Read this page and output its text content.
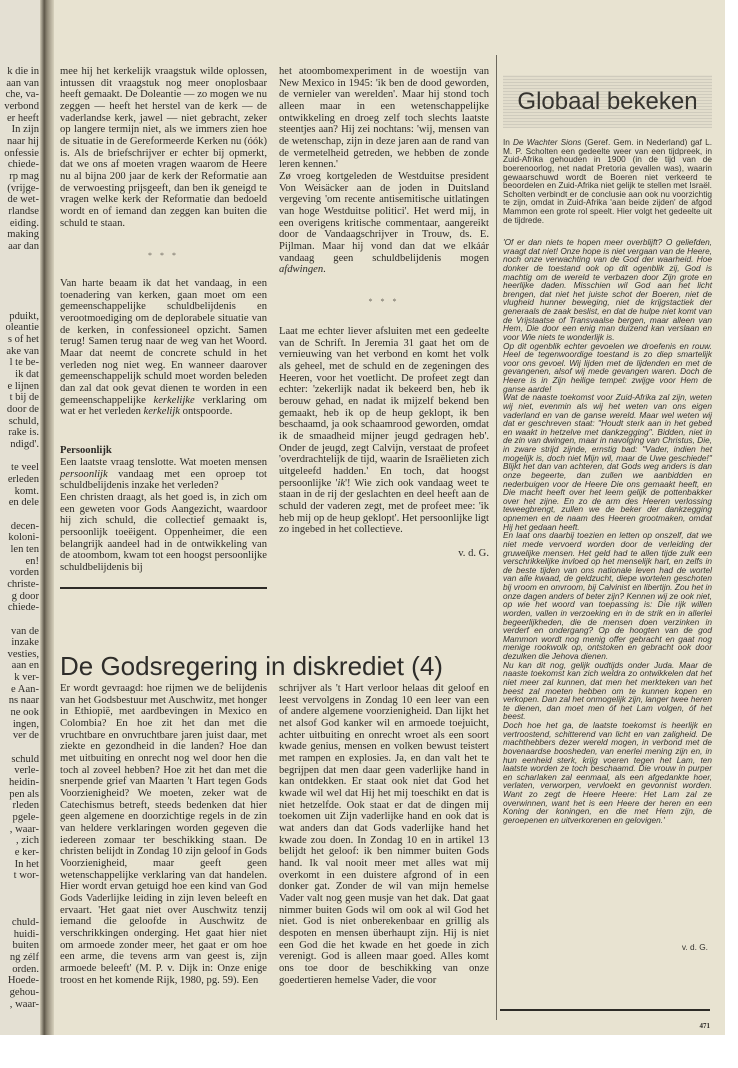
k die in
aan van
che, va-
verbond
er heeft
In zijn
naar hij
onfessie
chiede-
rp mag
(vrijge-
de wet-
rlandse
eiding.
making
aar dan
pduikt,
oleantie
s of het
ake van
l te be-
ik dat
e lijnen
t bij de
door de
schuld,
rake is.
ndigd'.
te veel
erleden
komt.
en dele
decen-
koloni-
len ten
en!
vorden
christe-
g door
chiede-
van de
inzake
vesties,
aan en
k ver-
e Aan-
ns naar
ne ook
ingen,
ver de
schuld
verle-
heidin-
pen als
rleden
pgele-
, waar-
, zich
e ker-
In het
t wor-
chuld-
huidi-
buiten
ng zélf
orden.
Hoede-
gehou-
, waar-

mee hij het kerkelijk vraagstuk wilde oplossen, intussen dit vraagstuk nog meer onoplosbaar heeft gemaakt. De Doleantie — zo mogen we nu zeggen — heeft het herstel van de kerk — de vaderlandse kerk, jawel — niet gebracht, zeker op langere termijn niet, als we immers zien hoe de situatie in de Gereformeerde Kerken nu (óók) is. Als de briefschrijver er echter bij opmerkt, dat we ons af moeten vragen waarom de Heere nu al bijna 200 jaar de kerk der Reformatie aan de verwoesting prijsgeeft, dan ben ik geneigd te vragen welke kerk der Reformatie dan bedoeld wordt en of iemand dan zeggen kan buiten die schuld te staan.

* * *

Van harte beaam ik dat het vandaag, in een toenadering van kerken, gaan moet om een gemeenschappelijke schuldbelijdenis en verootmoediging om de deplorabele situatie van de kerken, in confessioneel opzicht. Samen terug! Samen terug naar de weg van het Woord. Maar dat neemt de concrete schuld in het verleden nog niet weg. En wanneer daarover gemeenschappelijk schuld moet worden beleden dan zal dat ook gevat dienen te worden in een gemeenschappelijke kerkelijke verklaring om wat er het verleden kerkelijk ontspoorde.

Persoonlijk

Een laatste vraag tenslotte. Wat moeten mensen persoonlijk vandaag met een oproep tot schuldbelijdenis inzake het verleden?

Een christen draagt, als het goed is, in zich om een geweten voor Gods Aangezicht, waardoor hij zich schuld, die collectief gemaakt is, persoonlijk toeëigent. Oppenheimer, die een belangrijk aandeel had in de ontwikkeling van de atoombom, kwam tot een hoogst persoonlijke schuldbelijdenis bij

het atoombomexperiment in de woestijn van New Mexico in 1945: 'ik ben de dood geworden, de vernieler van werelden'. Maar hij stond toch alleen maar in een wetenschappelijke ontwikkeling en droeg zelf toch slechts laatste steentjes aan? Hij zei nochtans: 'wij, mensen van de wetenschap, zijn in deze jaren aan de rand van de vermetelheid getreden, we hebben de zonde leren kennen.'

Zø vroeg kortgeleden de Westduitse president Von Weisäcker aan de joden in Duitsland vergeving 'om recente antisemitische uitlatingen van hoge Westduitse politici'. Het werd mij, in een overigens kritische commentaar, aangereikt door de Vandaagschrijver in Trouw, ds. E. Pijlman. Maar hij vond dan dat we elkáár vandaag geen schuldbelijdenis mogen afdwingen.

* * *

Laat me echter liever afsluiten met een gedeelte van de Schrift. In Jeremia 31 gaat het om de vernieuwing van het verbond en komt het volk als geheel, met de schuld en de zegeningen des Heeren, voor het voetlicht. De profeet zegt dan echter: 'zekerlijk nadat ik bekeerd ben, heb ik berouw gehad, en nadat ik mijzelf bekend ben gemaakt, heb ik op de heup geklopt, ik ben beschaamd, ja ook schaamrood geworden, omdat ik de smaadheid mijner jeugd gedragen heb'. Onder de jeugd, zegt Calvijn, verstaat de profeet 'overdrachtelijk de tijd, waarin de Israëlieten zich uitgeleefd hadden.' En toch, dat hoogst persoonlijke 'ik'! Wie zich ook vandaag weet te staan in de rij der geslachten en deel heeft aan de schuld der vaderen zegt, met de profeet mee: 'ik heb mij op de heup geklopt'. Het persoonlijke ligt zo ingebed in het collectieve.

v. d. G.
De Godsregering in diskrediet (4)

Er wordt gevraagd: hoe rijmen we de belijdenis van het Godsbestuur met Auschwitz, met honger in Ethiopië, met aardbevingen in Mexico en Colombia? En hoe zit het dan met die vruchtbare en onvruchtbare jaren juist daar, met ziekte en gezondheid in die landen? Hoe dan met uitbuiting en onrecht nog wel door hen die toch al zoveel hebben? Hoe zit het dan met die snerpende grief van Maarten 't Hart tegen Gods Voorzienigheid? We moeten, zeker wat de Catechismus betreft, steeds bedenken dat hier geen algemene en doorzichtige regels in de zin van heldere verklaringen worden gegeven die iedereen zomaar ter beschikking staan. De christen belijdt in Zondag 10 zijn geloof in Gods Voorzienigheid, maar geeft geen wetenschappelijke verklaring van dat handelen. Hier wordt ervan getuigd hoe een kind van God Gods Vaderlijke leiding in zijn leven beleeft en ervaart. 'Het gaat niet over Auschwitz tenzij iemand die geloofde in Auschwitz de verschrikkingen onderging. Het gaat hier niet om armoede zonder meer, het gaat er om hoe een arme, die tevens arm van geest is, zijn armoede beleeft' (M. P. v. Dijk in: Onze enige troost en het komende Rijk, 1980, pg. 59). Een

schrijver als 't Hart verloor helaas dit geloof en leest vervolgens in Zondag 10 een leer van een of andere algemene voorzienigheid. Dan lijkt het net alsof God kanker wil en armoede toejuicht, achter uitbuiting en onrecht wroet als een soort kwade genius, mensen en volken bewust teistert met rampen en explosies. Ja, en dan valt het te begrijpen dat men daar geen vaderlijke hand in kan ontdekken. Er staat ook niet dat God het kwade wil wel dat Hij het mij toeschikt en dat is niet hetzelfde. Ook staat er dat de dingen mij toekomen uit Zijn vaderlijke hand en ook dat is wat anders dan dat Gods vaderlijke hand het kwade zou doen. In Zondag 10 en in artikel 13 belijdt het geloof: ik ben nimmer buiten Gods hand. Ik val nooit meer met alles wat mij overkomt in een duistere afgrond of in een donker gat. Zonder de wil van mijn hemelse Vader valt nog geen musje van het dak. Dat gaat nimmer buiten Gods wil om ook al wil God het niet. God is niet onberekenbaar en grillig als despoten en mensen überhaupt zijn. Hij is niet een God die het kwade en het goede in zich verenigt. God is alleen maar goed. Alles komt ons toe door de beschikking van onze goedertieren hemelse Vader, die voor

Globaal bekeken

In De Wachter Sions (Geref. Gem. in Nederland) gaf L. M. P. Scholten een gedeelte weer van een tijdpreek, in Zuid-Afrika gehouden in 1900 (in de tijd van de boerenoorlog, net nadat Pretoria gevallen was), waarin gewaarschuwd wordt de Boeren niet verkeerd te beoordelen en Zuid-Afrika niet gelijk te stellen met Israël. Scholten verbindt er de conclusie aan ook nu voorzichtig te zijn, omdat in Zuid-Afrika 'aan beide zijden' de afgod Mammon een grote rol speelt. Hier volgt het gedeelte uit de tijdrede.

'Of er dan niets te hopen meer overblijft? O geliefden, vraagt dat niet! Onze hope is niet vergaan van de Heere, noch onze verwachting van de God der waarheid. Hoe donker de toestand ook op dit ogenblik zij, God is machtig om de wereld te verbazen door Zijn grote en heerlijke daden. Misschien wil God aan het licht brengen, dat niet het juiste schot der Boeren, niet de vlugheid hunner beweging, niet de krijgstactiek der generaals de zaak beslist, en dat de hulpe niet komt van de Vrijstaatse of Transvaalse bergen, maar alleen van Hem, Die door een enig man duizend kan verslaan en voor Wie niets te wonderlijk is.

Op dit ogenblik echter gevoelen we droefenis en rouw. Heel de tegenwoordige toestand is zo diep smartelijk voor ons gevoel. Wij lijden met de lijdenden en met de gevangenen, alsof wij mede gevangen waren. Doch de Heere is in Zijn heilige tempel: zwijge voor Hem de ganse aarde!

Wat de naaste toekomst voor Zuid-Afrika zal zijn, weten wij niet, evenmin als wij het weten van ons eigen vaderland en van de ganse wereld. Maar wel weten wij dat er geschreven staat: ''Houdt sterk aan in het gebed en waakt in hetzelve met dankzegging''. Bidden, niet in de zin van dwingen, maar in navolging van Christus, Die, in zware strijd zijnde, ernstig bad: ''Vader, indien het mogelijk is, doch niet Mijn wil, maar de Uwe geschiede!'' Blijkt het dan van achteren, dat Gods weg anders is dan onze begeerte, dan zullen we aanbidden en nederbuigen voor de Heere Die ons gemaakt heeft, en Die macht heeft over het leem gelijk de pottenbakker over het zijne. En zo de arm des Heeren verlossing teweegbrengt, zullen we de beker der dankzegging opnemen en de naam des Heeren grootmaken, omdat Hij het gedaan heeft.

En laat ons daarbij toezien en letten op onszelf, dat we niet mede vervoerd worden door de verleiding der gruwelijke mensen. Het geld had te allen tijde zulk een verschrikkelijke invloed op het menselijk hart, en zelfs in de beste tijden van ons nationale leven had de wortel van alle kwaad, de geldzucht, diepe wortelen geschoten bij vroom en onvroom, bij Calvinist en libertijn. Zou het in onze dagen anders of beter zijn? Kennen wij ze ook niet, op wie het woord van toepassing is: Die rijk willen worden, vallen in verzoeking en in de strik en in allerlei begeerlijkheden, die de mensen doen verzinken in verderf en ondergang? Op de hoogten van de god Mammon wordt nog menig offer gebracht en gaat nog menige rookwolk op, ontstoken en gebracht ook door dezulken die Jehova dienen.

Nu kan dit nog, gelijk oudtijds onder Juda. Maar de naaste toekomst kan zich weldra zo ontwikkelen dat het niet meer zal kunnen, dat men het merkteken van het beest zal moeten hebben om te kunnen kopen en verkopen. Dan zal het onmogelijk zijn, langer twee heren te dienen, dan moet men óf het Lam volgen, óf het beest.

Doch hoe het ga, de laatste toekomst is heerlijk en vertroostend, schitterend van licht en van zaligheid. De machthebbers dezer wereld mogen, in verbond met de bovenaardse boosheden, van enerlei mening zijn en, in hun eenheid sterk, krijg voeren tegen het Lam, ten laatste worden ze toch beschaamd. Die vrouw in purper en scharlaken zal eenmaal, als een afgedankte hoer, verlaten, verworpen, vervloekt en gevonnist worden. Want zo zegt de Heere Heere: Het Lam zal ze overwinnen, want het is een Heere der heren en een Koning der koningen, en die met Hem zijn, de geroepenen en uitverkorenen en gelovigen.'

v. d. G.
471
